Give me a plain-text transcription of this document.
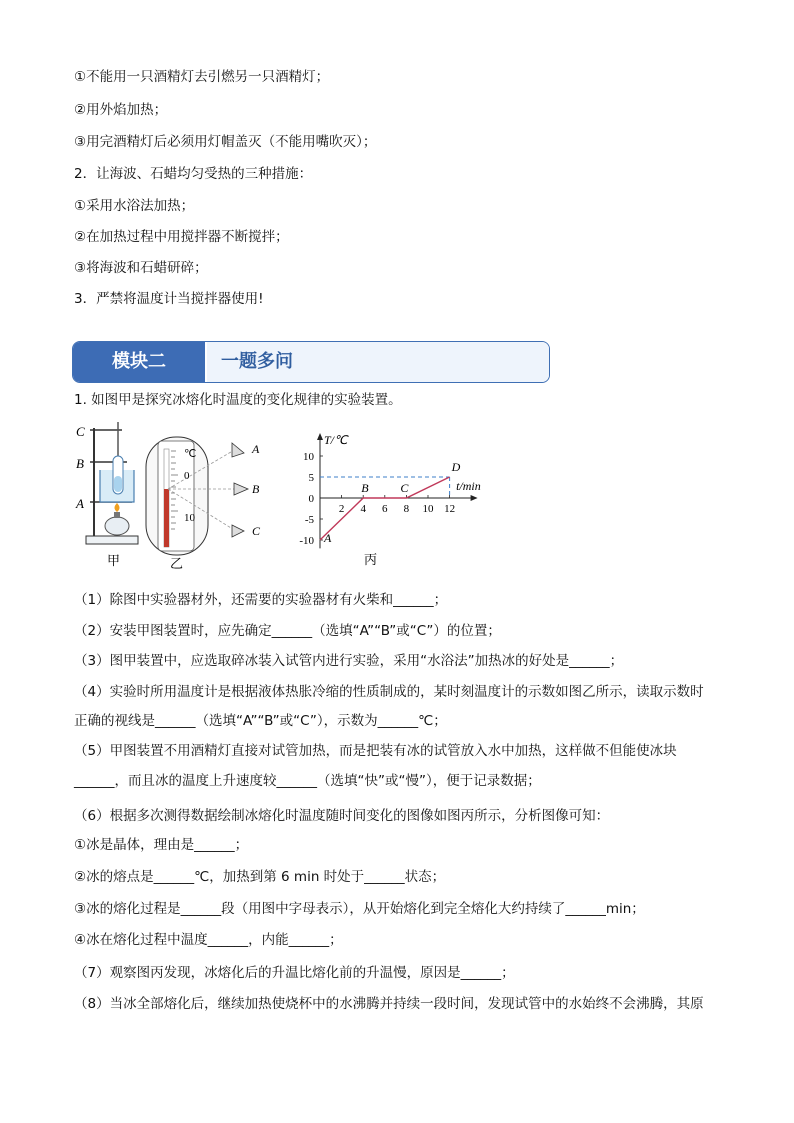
①不能用一只酒精灯去引燃另一只酒精灯；
②用外焰加热；
③用完酒精灯后必须用灯帽盖灭（不能用嘴吹灭）；
2．让海波、石蜡均匀受热的三种措施：
①采用水浴法加热；
②在加热过程中用搅拌器不断搅拌；
③将海波和石蜡研碎；
3．严禁将温度计当搅拌器使用!
模块二	一题多问
1. 如图甲是探究冰熔化时温度的变化规律的实验装置。
C
B
A
甲
℃
0
10
A
B
C
乙
T/℃
t/min
10
5
0
-5
-10
2 4 6 8 10 12
A
B	C
D
丙
（1）除图中实验器材外，还需要的实验器材有火柴和______；
（2）安装甲图装置时，应先确定______（选填“A”“B”或“C”）的位置；
（3）图甲装置中，应选取碎冰装入试管内进行实验，采用“水浴法”加热冰的好处是______；
（4）实验时所用温度计是根据液体热胀冷缩的性质制成的，某时刻温度计的示数如图乙所示，读取示数时
正确的视线是______（选填“A”“B”或“C”），示数为______℃；
（5）甲图装置不用酒精灯直接对试管加热，而是把装有冰的试管放入水中加热，这样做不但能使冰块
______，而且冰的温度上升速度较______（选填“快”或“慢”），便于记录数据；
（6）根据多次测得数据绘制冰熔化时温度随时间变化的图像如图丙所示，分析图像可知：
①冰是晶体，理由是______；
②冰的熔点是______℃，加热到第 6 min 时处于______状态；
③冰的熔化过程是______段（用图中字母表示），从开始熔化到完全熔化大约持续了______min；
④冰在熔化过程中温度______，内能______；
（7）观察图丙发现，冰熔化后的升温比熔化前的升温慢，原因是______；
（8）当冰全部熔化后，继续加热使烧杯中的水沸腾并持续一段时间，发现试管中的水始终不会沸腾，其原
